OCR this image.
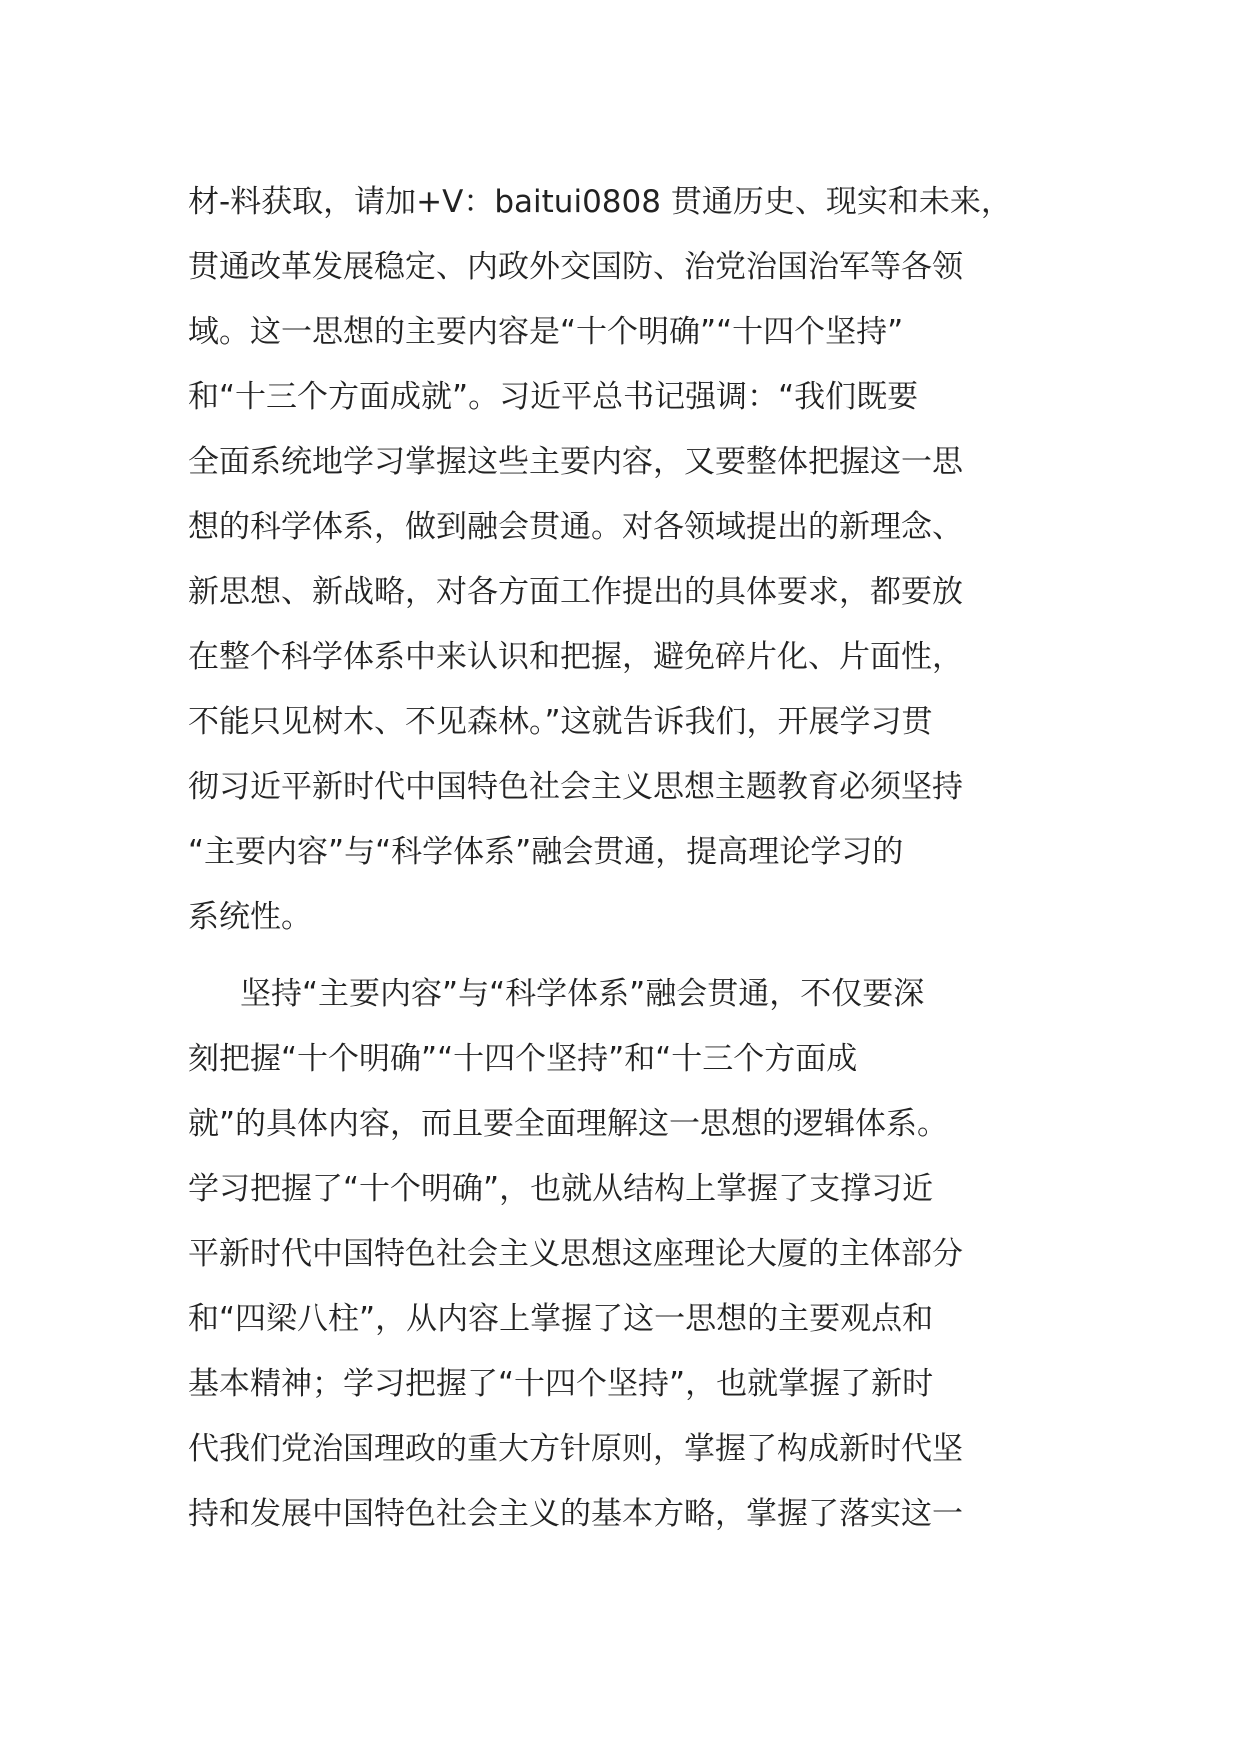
材-料获取，请加+V：baitui0808 贯通历史、现实和未来，
贯通改革发展稳定、内政外交国防、治党治国治军等各领
域。这一思想的主要内容是“十个明确”“十四个坚持”
和“十三个方面成就”。习近平总书记强调：“我们既要
全面系统地学习掌握这些主要内容，又要整体把握这一思
想的科学体系，做到融会贯通。对各领域提出的新理念、
新思想、新战略，对各方面工作提出的具体要求，都要放
在整个科学体系中来认识和把握，避免碎片化、片面性，
不能只见树木、不见森林。”这就告诉我们，开展学习贯
彻习近平新时代中国特色社会主义思想主题教育必须坚持
“主要内容”与“科学体系”融会贯通，提高理论学习的
系统性。
坚持“主要内容”与“科学体系”融会贯通，不仅要深
刻把握“十个明确”“十四个坚持”和“十三个方面成
就”的具体内容，而且要全面理解这一思想的逻辑体系。
学习把握了“十个明确”，也就从结构上掌握了支撑习近
平新时代中国特色社会主义思想这座理论大厦的主体部分
和“四梁八柱”，从内容上掌握了这一思想的主要观点和
基本精神；学习把握了“十四个坚持”，也就掌握了新时
代我们党治国理政的重大方针原则，掌握了构成新时代坚
持和发展中国特色社会主义的基本方略，掌握了落实这一
